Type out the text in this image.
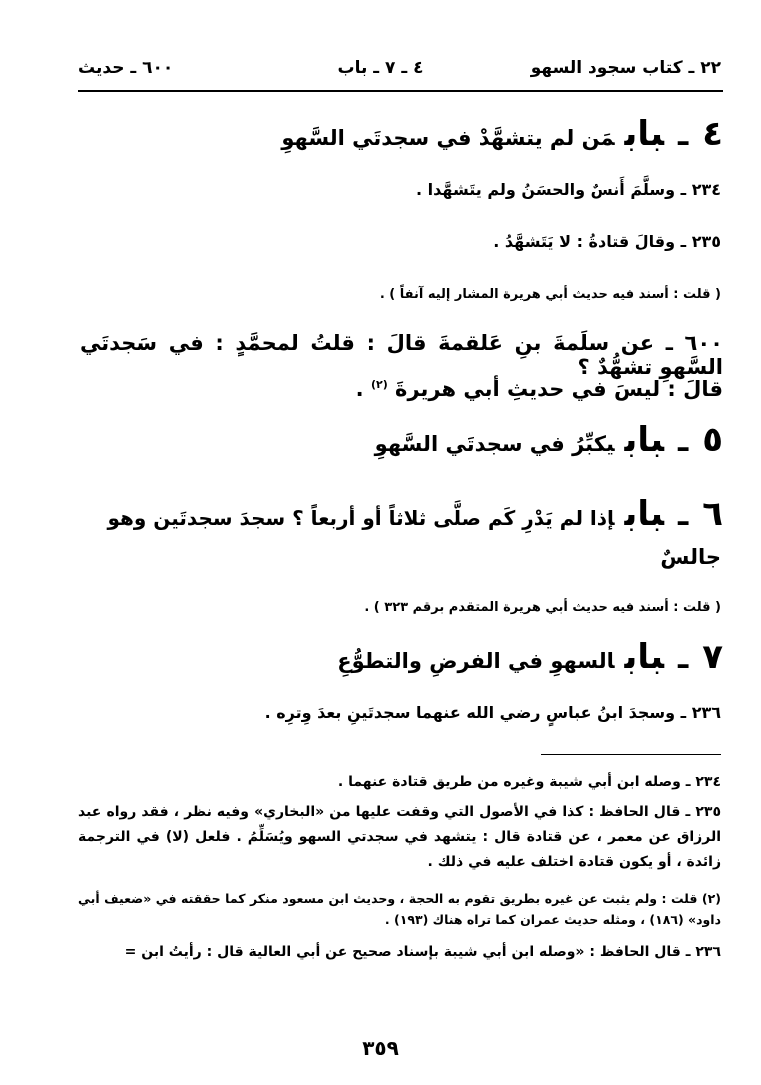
٢٢ ـ كتاب سجود السهو
٤ ـ ٧ ـ باب
٦٠٠ ـ حديث
٤ـبابمَن لم يتشهَّدْ في سجدتَي السَّهوِ
٢٣٤ ـ وسلَّمَ أَنسٌ والحسَنُ ولم يتَشهَّدا .
٢٣٥ ـ وقالَ قتادةُ : لا يَتَشهَّدُ .
( قلت : أسند فيه حديث أبي هريرة المشار إليه آنفاً ) .
٦٠٠ ـ عن سلَمةَ بنِ عَلقمةَ قالَ : قلتُ لمحمَّدٍ : في سَجدتَي السَّهوِ تشهُّدٌ ؟
قالَ : ليسَ في حديثِ أبي هريرةَ $^{(٢)}$ .
٥ـبابيكبِّرُ في سجدتَي السَّهوِ
٦ـبابإذا لم يَدْرِ كَم صلَّى ثلاثاً أو أربعاً ؟ سجدَ سجدتَين وهو
جالسٌ
( قلت : أسند فيه حديث أبي هريرة المتقدم برقم ٣٢٣ ) .
٧ـبابالسهوِ في الفرضِ والتطوُّعِ
٢٣٦ ـ وسجدَ ابنُ عباسٍ رضي الله عنهما سجدتَينِ بعدَ وِترِه .
٢٣٤ ـ وصله ابن أبي شيبة وغيره من طريق قتادة عنهما .
٢٣٥ ـ قال الحافظ : كذا في الأصول التي وقفت عليها من «البخاري» وفيه نظر ، فقد رواه عبد الرزاق عن معمر ، عن قتادة قال : يتشهد في سجدتي السهو ويُسَلِّمُ . فلعل (لا) في الترجمة زائدة ، أو يكون قتادة اختلف عليه في ذلك .
(٢) قلت : ولم يثبت عن غيره بطريق تقوم به الحجة ، وحديث ابن مسعود منكر كما حققته في «ضعيف أبي داود» (١٨٦) ، ومثله حديث عمران كما تراه هناك (١٩٣) .
٢٣٦ ـ قال الحافظ : «وصله ابن أبي شيبة بإسناد صحيح عن أبي العالية قال : رأيتُ ابن =
٣٥٩
